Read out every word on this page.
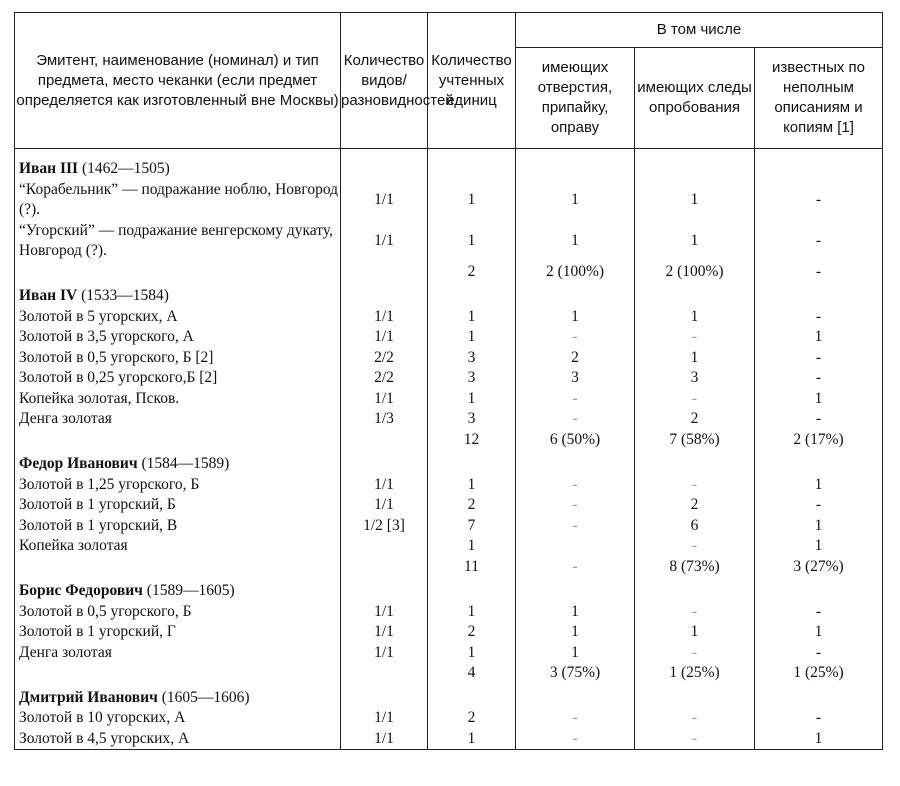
Эмитент, наименование (номинал) и тип предмета, место чеканки (если предмет определяется как изготовленный вне Москвы)	Количество видов/разновидностей	Количество учтенных единиц	В том числе		
			имеющих отверстия, припайку, оправу	имеющих следы опробования	известных по неполным описаниям и копиям [1]
Иван III (1462—1505)					
“Корабельник” — подражание ноблю, Новгород (?).	1/1	1	1	1	-
“Угорский” — подражание венгерскому дукату, Новгород (?).	1/1	1	1	1	-
		2	2 (100%)	2 (100%)	-
Иван IV (1533—1584)					
Золотой в 5 угорских, А	1/1	1	1	1	-
Золотой в 3,5 угорского, А	1/1	1	-	-	1
Золотой в 0,5 угорского, Б [2]	2/2	3	2	1	-
Золотой в 0,25 угорского,Б [2]	2/2	3	3	3	-
Копейка золотая, Псков.	1/1	1	-	-	1
Денга золотая	1/3	3	-	2	-
		12	6 (50%)	7 (58%)	2 (17%)
Федор Иванович (1584—1589)					
Золотой в 1,25 угорского, Б	1/1	1	-	-	1
Золотой в 1 угорский, Б	1/1	2	-	2	-
Золотой в 1 угорский, В	1/2 [3]	7	-	6	1
Копейка золотая		1		-	1
		11	-	8 (73%)	3 (27%)
Борис Федорович (1589—1605)					
Золотой в 0,5 угорского, Б	1/1	1	1	-	-
Золотой в 1 угорский, Г	1/1	2	1	1	1
Денга золотая	1/1	1	1	-	-
		4	3 (75%)	1 (25%)	1 (25%)
Дмитрий Иванович (1605—1606)					
Золотой в 10 угорских, А	1/1	2	-	-	-
Золотой в 4,5 угорских, А	1/1	1	-	-	1
